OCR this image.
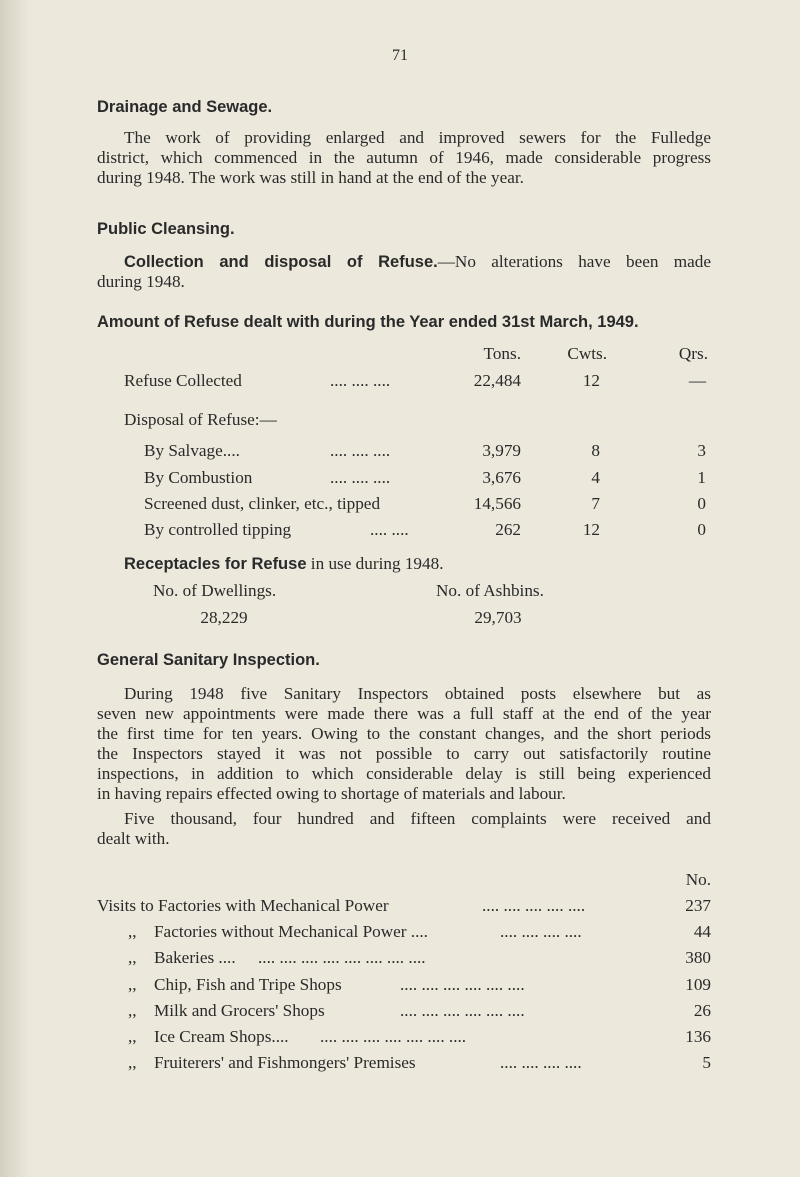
71
Drainage and Sewage.

The work of providing enlarged and improved sewers for the Fulledge

district, which commenced in the autumn of 1946, made considerable progress

during 1948. The work was still in hand at the end of the year.

Public Cleansing.

Collection and disposal of Refuse.—No alterations have been made

during 1948.

Amount of Refuse dealt with during the Year ended 31st March, 1949.
Tons.	Cwts.	Qrs.
Refuse Collected	.... .... ....	22,484	12	—
Disposal of Refuse:—
By Salvage....	.... .... ....	3,979	8	3
By Combustion	.... .... ....	3,676	4	1
Screened dust, clinker, etc., tipped	14,566	7	0
By controlled tipping	.... ....	262	12	0
Receptacles for Refuse in use during 1948.
No. of Dwellings.	No. of Ashbins.
28,229	29,703
General Sanitary Inspection.

During 1948 five Sanitary Inspectors obtained posts elsewhere but as

seven new appointments were made there was a full staff at the end of the year

the first time for ten years. Owing to the constant changes, and the short periods

the Inspectors stayed it was not possible to carry out satisfactorily routine

inspections, in addition to which considerable delay is still being experienced

in having repairs effected owing to shortage of materials and labour.

Five thousand, four hundred and fifteen complaints were received and

dealt with.

No.
Visits to Factories with Mechanical Power	.... .... .... .... ....	237
,, Factories without Mechanical Power ....	.... .... .... ....	44
,, Bakeries .... .... .... .... .... .... .... .... ....	380
,, Chip, Fish and Tripe Shops	.... .... .... .... .... ....	109
,, Milk and Grocers' Shops	.... .... .... .... .... ....	26
,, Ice Cream Shops.... .... .... .... .... .... .... ....	136
,, Fruiterers' and Fishmongers' Premises	.... .... .... ....	5
